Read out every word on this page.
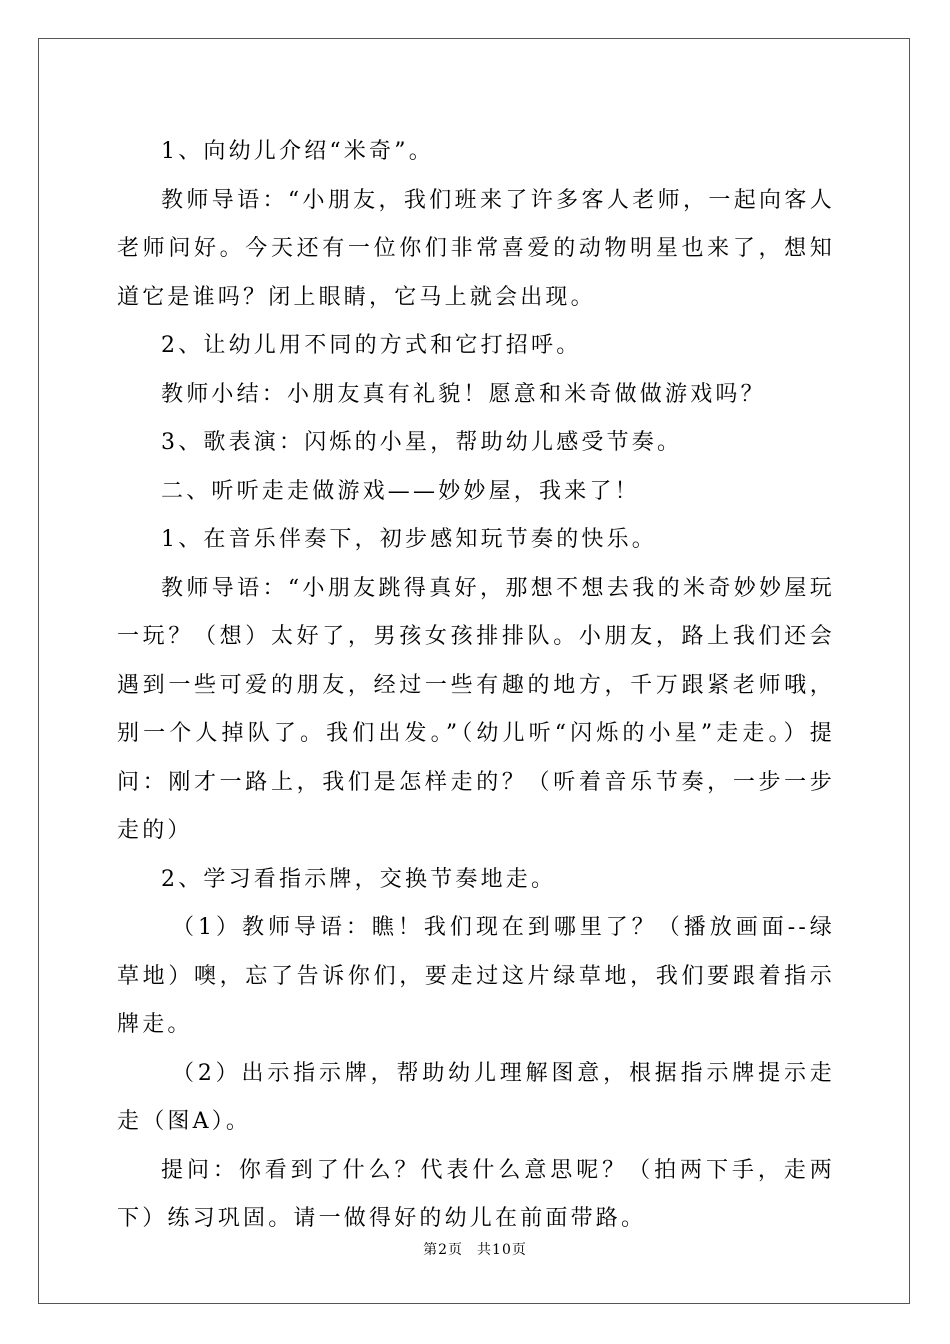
1、向幼儿介绍“米奇”。

教师导语：“小朋友，我们班来了许多客人老师，一起向客人老师问好。今天还有一位你们非常喜爱的动物明星也来了，想知道它是谁吗？闭上眼睛，它马上就会出现。

2、让幼儿用不同的方式和它打招呼。

教师小结：小朋友真有礼貌！愿意和米奇做做游戏吗？

3、歌表演：闪烁的小星，帮助幼儿感受节奏。

二、听听走走做游戏——妙妙屋，我来了！

1、在音乐伴奏下，初步感知玩节奏的快乐。

教师导语：“小朋友跳得真好，那想不想去我的米奇妙妙屋玩一玩？（想）太好了，男孩女孩排排队。小朋友，路上我们还会遇到一些可爱的朋友，经过一些有趣的地方，千万跟紧老师哦，别一个人掉队了。我们出发。”（幼儿听“闪烁的小星”走走。）提问：刚才一路上，我们是怎样走的？（听着音乐节奏，一步一步走的）

2、学习看指示牌，交换节奏地走。

（1）教师导语：瞧！我们现在到哪里了？（播放画面--绿草地）噢，忘了告诉你们，要走过这片绿草地，我们要跟着指示牌走。

（2）出示指示牌，帮助幼儿理解图意，根据指示牌提示走走（图A）。

提问：你看到了什么？代表什么意思呢？（拍两下手，走两下）练习巩固。请一做得好的幼儿在前面带路。

第2页 共10页
